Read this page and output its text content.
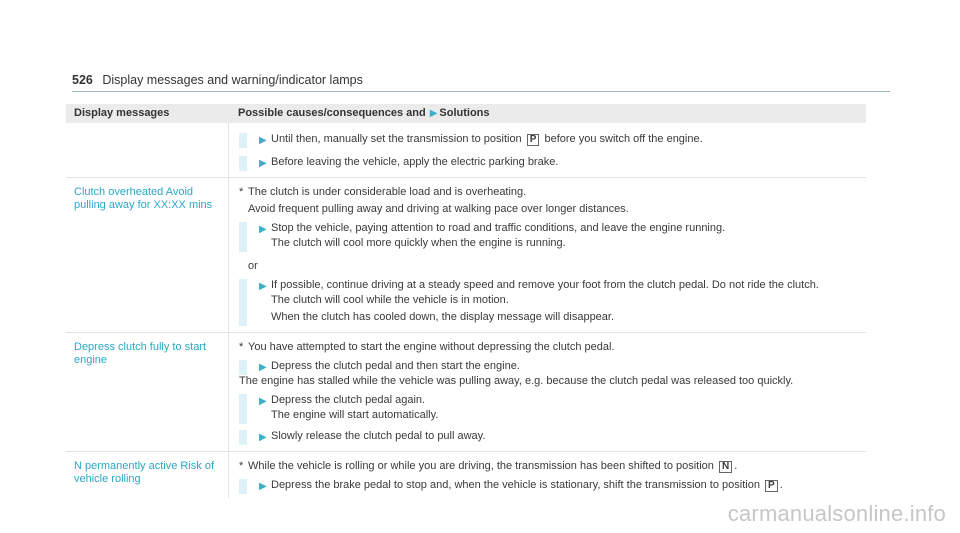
526 Display messages and warning/indicator lamps
Display messages	Possible causes/consequences and ▶ Solutions
▶ Until then, manually set the transmission to position P before you switch off the engine.

▶ Before leaving the vehicle, apply the electric parking brake.

Clutch overheated Avoid pulling away for XX:XX mins
* The clutch is under considerable load and is overheating.
Avoid frequent pulling away and driving at walking pace over longer distances.
▶ Stop the vehicle, paying attention to road and traffic conditions, and leave the engine running.

The clutch will cool more quickly when the engine is running.

or
▶ If possible, continue driving at a steady speed and remove your foot from the clutch pedal. Do not ride the clutch.

The clutch will cool while the vehicle is in motion.

When the clutch has cooled down, the display message will disappear.

Depress clutch fully to start engine
* You have attempted to start the engine without depressing the clutch pedal.
▶ Depress the clutch pedal and then start the engine.

The engine has stalled while the vehicle was pulling away, e.g. because the clutch pedal was released too quickly.
▶ Depress the clutch pedal again.

The engine will start automatically.

▶ Slowly release the clutch pedal to pull away.

N permanently active Risk of vehicle rolling
* While the vehicle is rolling or while you are driving, the transmission has been shifted to position N .
▶ Depress the brake pedal to stop and, when the vehicle is stationary, shift the transmission to position P .

carmanualsonline.info
